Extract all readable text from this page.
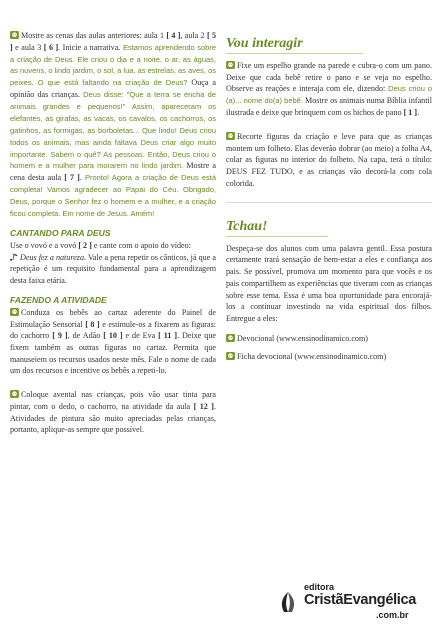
Mostre as cenas das aulas anteriores: aula 1 [ 4 ], aula 2 [ 5 ] e aula 3 [ 6 ]. Inicie a narrativa. Estamos aprendendo sobre a criação de Deus. Ele criou o dia e a noite, o ar, as águas, as nuvens, o lindo jardim, o sol, a lua, as estrelas, as aves, os peixes. O que está faltando na criação de Deus? Ouça a opinião das crianças. Deus disse: "Que a terra se encha de animais grandes e pequenos!" Assim, apareceram os elefantes, as girafas, as vacas, os cavalos, os cachorros, os gatinhos, as formigas, as borboletas... Que lindo! Deus criou todos os animais, mas ainda faltava Deus criar algo muito importante. Sabem o quê? As pessoas. Então, Deus criou o homem e a mulher para morarem no lindo jardim. Mostre a cena desta aula [ 7 ]. Pronto! Agora a criação de Deus está completa! Vamos agradecer ao Papai do Céu. Obrigado, Deus, porque o Senhor fez o homem e a mulher, e a criação ficou completa. Em nome de Jesus. Amém!

CANTANDO PARA DEUS

Use o vovó e a vovó [ 2 ] e cante com o apoio do vídeo:
Deus fez a natureza. Vale a pena repetir os cânticos, já que a repetição é um requisito fundamental para a aprendizagem desta faixa etária.

FAZENDO A ATIVIDADE

Conduza os bebês ao cartaz aderente do Painel de Estimulação Sensorial [ 8 ] e estimule-os a fixarem as figuras: do cachorro [ 9 ], de Adão [ 10 ] e de Eva [ 11 ]. Deixe que fixem também as outras figuras no cartaz. Permita que manuseiem os recursos usados neste mês. Fale o nome de cada um dos recursos e incentive os bebês a repeti-lo.

Coloque avental nas crianças, pois vão usar tinta para pintar, com o dedo, o cachorro, na atividade da aula [ 12 ]. Atividades de pintura são muito apreciadas pelas crianças, portanto, aplique-as sempre que possível.

Vou interagir

Fixe um espelho grande na parede e cubra-o com um pano. Deixe que cada bebê retire o pano e se veja no espelho. Observe as reações e interaja com ele, dizendo: Deus criou o (a)... nome do(a) bebê. Mostre os animais numa Bíblia infantil ilustrada e deixe que brinquem com os bichos de pano [ 1 ].

Recorte figuras da criação e leve para que as crianças montem um folheto. Elas deverão dobrar (ao meio) a folha A4, colar as figuras no interior do folheto. Na capa, terá o título: DEUS FEZ TUDO, e as crianças vão decorá-la com cola colorida.

Tchau!

Despeça-se dos alunos com uma palavra gentil. Essa postura certamente trará sensação de bem-estar a eles e confiança aos pais. Se possível, promova um momento para que vocês e os pais compartilhem as experiências que tiveram com as crianças sobre esse tema. Essa é uma boa oportunidade para encorajá-los a continuar investindo na vida espiritual dos filhos. Entregue a eles:

Devocional (www.ensinodinamico.com)

Ficha devocional (www.ensinodinamico.com)

editora
CristãEvangélica
.com.br
